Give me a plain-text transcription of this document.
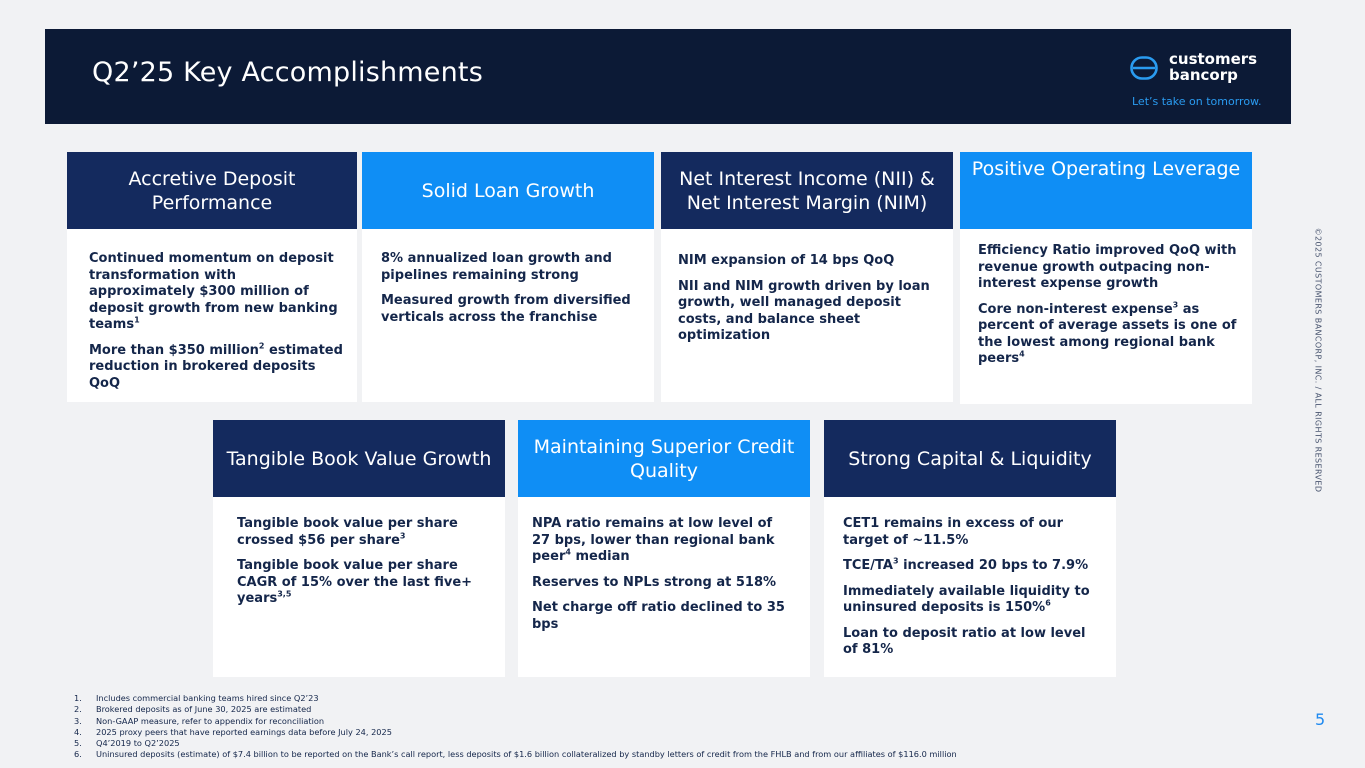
Q2’25 Key Accomplishments	customers
bancorp
Let’s take on tomorrow.
Accretive Deposit Performance

Continued momentum on deposit transformation with approximately $300 million of deposit growth from new banking teams$^1$

More than $350 million$^2$ estimated reduction in brokered deposits QoQ

Solid Loan Growth

8% annualized loan growth and pipelines remaining strong

Measured growth from diversified verticals across the franchise

Net Interest Income (NII) & Net Interest Margin (NIM)

NIM expansion of 14 bps QoQ

NII and NIM growth driven by loan growth, well managed deposit costs, and balance sheet optimization

Positive Operating Leverage

Efficiency Ratio improved QoQ with revenue growth outpacing non-interest expense growth

Core non-interest expense$^3$ as percent of average assets is one of the lowest among regional bank peers$^4$

Tangible Book Value Growth

Tangible book value per share crossed $56 per share$^3$

Tangible book value per share CAGR of 15% over the last five+ years$^{3,5}$

Maintaining Superior Credit Quality

NPA ratio remains at low level of 27 bps, lower than regional bank peer$^4$ median

Reserves to NPLs strong at 518%

Net charge off ratio declined to 35 bps

Strong Capital & Liquidity

CET1 remains in excess of our target of ~11.5%

TCE/$TA^3$ increased 20 bps to 7.9%

Immediately available liquidity to uninsured deposits is 150%$^6$

Loan to deposit ratio at low level of 81%

©2025 CUSTOMERS BANCORP, INC. / ALL RIGHTS RESERVED
1.	Includes commercial banking teams hired since Q2’23
2.	Brokered deposits as of June 30, 2025 are estimated
3.	Non-GAAP measure, refer to appendix for reconciliation
4.	2025 proxy peers that have reported earnings data before July 24, 2025
5.	Q4’2019 to Q2’2025
6.	Uninsured deposits (estimate) of $7.4 billion to be reported on the Bank’s call report, less deposits of $1.6 billion collateralized by standby letters of credit from the FHLB and from our affiliates of $116.0 million
5
